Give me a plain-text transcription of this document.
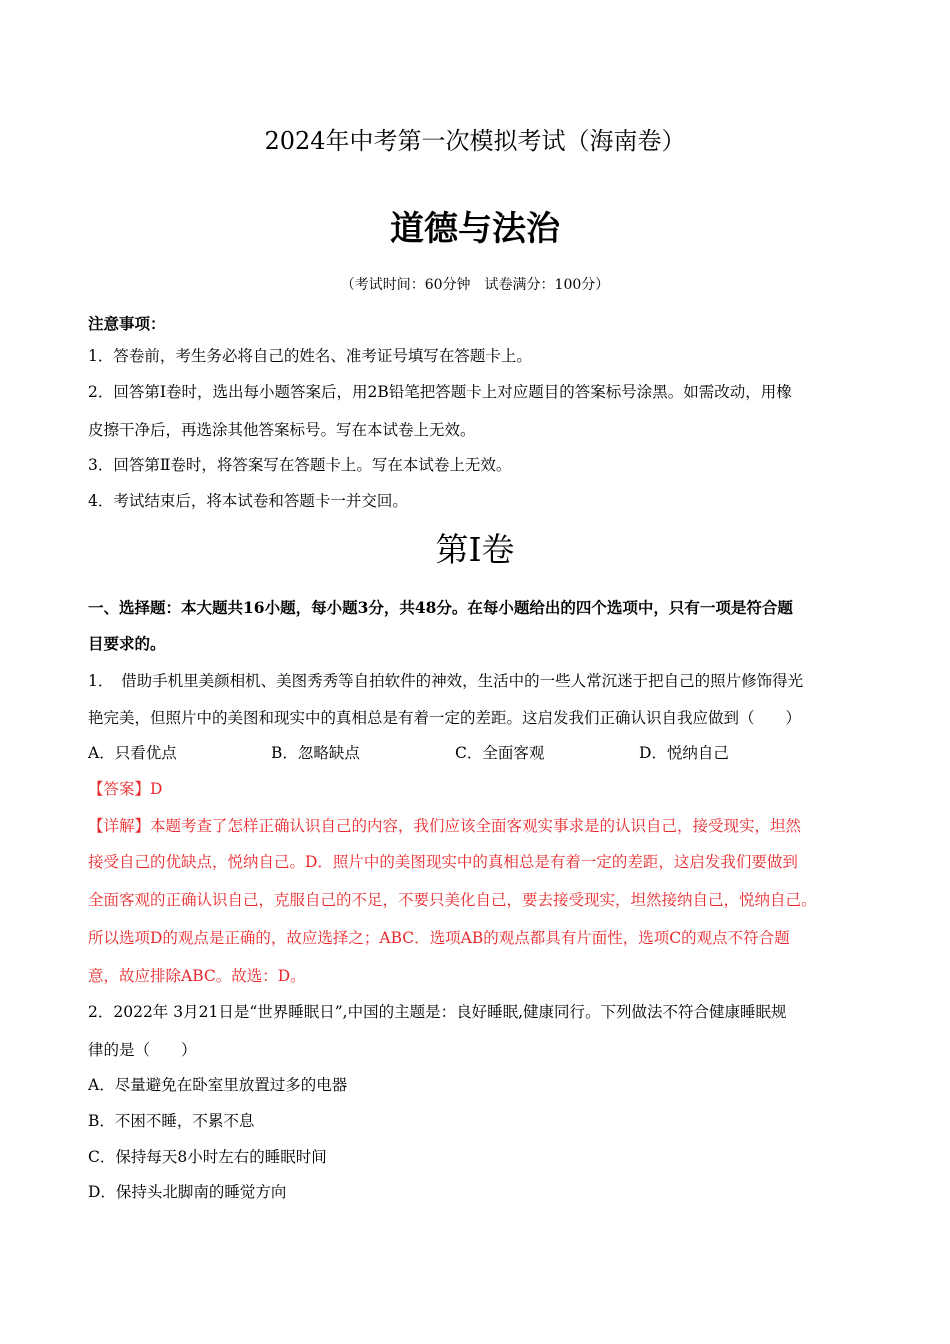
2024年中考第一次模拟考试（海南卷）
道德与法治
（考试时间：60分钟　试卷满分：100分）
注意事项：
1．答卷前，考生务必将自己的姓名、准考证号填写在答题卡上。
2．回答第Ⅰ卷时，选出每小题答案后，用2B铅笔把答题卡上对应题目的答案标号涂黑。如需改动，用橡
皮擦干净后，再选涂其他答案标号。写在本试卷上无效。
3．回答第Ⅱ卷时，将答案写在答题卡上。写在本试卷上无效。
4．考试结束后，将本试卷和答题卡一并交回。
第Ⅰ卷
一、选择题：本大题共16小题，每小题3分，共48分。在每小题给出的四个选项中，只有一项是符合题
目要求的。
1．　借助手机里美颜相机、美图秀秀等自拍软件的神效，生活中的一些人常沉迷于把自己的照片修饰得光
艳完美，但照片中的美图和现实中的真相总是有着一定的差距。这启发我们正确认识自我应做到（　　）
A．只看优点	B．忽略缺点	C．全面客观	D．悦纳自己
【答案】D
【详解】本题考查了怎样正确认识自己的内容，我们应该全面客观实事求是的认识自己，接受现实，坦然
接受自己的优缺点，悦纳自己。D．照片中的美图现实中的真相总是有着一定的差距，这启发我们要做到
全面客观的正确认识自己，克服自己的不足，不要只美化自己，要去接受现实，坦然接纳自己，悦纳自己。
所以选项D的观点是正确的，故应选择之；ABC．选项AB的观点都具有片面性，选项C的观点不符合题
意，故应排除ABC。故选：D。
2．2022年 3月21日是“世界睡眠日”,中国的主题是：良好睡眠,健康同行。下列做法不符合健康睡眠规
律的是（　　）
A．尽量避免在卧室里放置过多的电器
B．不困不睡，不累不息
C．保持每天8小时左右的睡眠时间
D．保持头北脚南的睡觉方向
